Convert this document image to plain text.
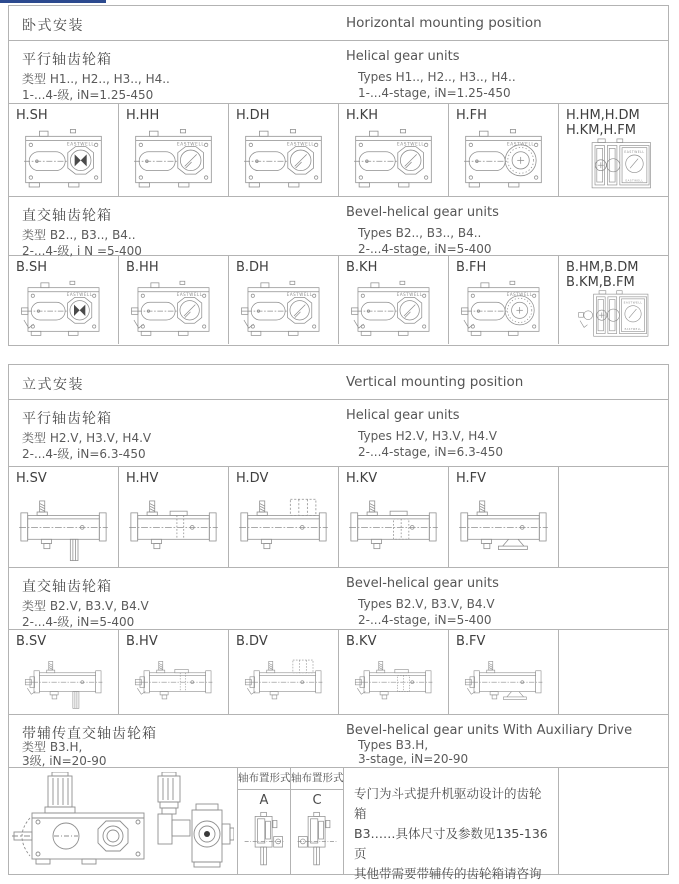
卧式安装	Horizontal mounting position
平行轴齿轮箱
类型 H1.., H2.., H3.., H4..
1-...4-级, iN=1.25-450
Helical gear units
Types H1.., H2.., H3.., H4..
1-...4-stage, iN=1.25-450
H.SH
EASTWELL
H.HH
EASTWELL
H.DH
EASTWELL
H.KH
EASTWELL
H.FH
EASTWELL
H.HM,H.DM
H.KM,H.FM
EASTWELL
EASTWELL
直交轴齿轮箱
类型 B2.., B3.., B4..
2-...4-级, i N =5-400
Bevel-helical gear units
Types B2.., B3.., B4..
2-...4-stage, iN=5-400
B.SH
EASTWELL
B.HH
EASTWELL
B.DH
EASTWELL
B.KH
EASTWELL
B.FH
EASTWELL
B.HM,B.DM
B.KM,B.FM
EASTWELL
EASTWELL
立式安装	Vertical mounting position
平行轴齿轮箱
类型 H2.V, H3.V, H4.V
2-...4-级, iN=6.3-450
Helical gear units
Types H2.V, H3.V, H4.V
2-...4-stage, iN=6.3-450
H.SV	H.HV	H.DV	H.KV	H.FV
直交轴齿轮箱
类型 B2.V, B3.V, B4.V
2-...4-级, iN=5-400
Bevel-helical gear units
Types B2.V, B3.V, B4.V
2-...4-stage, iN=5-400
B.SV	B.HV	B.DV	B.KV	B.FV
带辅传直交轴齿轮箱
类型 B3.H,
3级, iN=20-90
Bevel-helical gear units With Auxiliary Drive
Types B3.H,
3-stage, iN=20-90
轴布置形式
A
轴布置形式
C	专门为斗式提升机驱动设计的齿轮箱
B3……具体尺寸及参数见135-136页
其他带需要带辅传的齿轮箱请咨询
